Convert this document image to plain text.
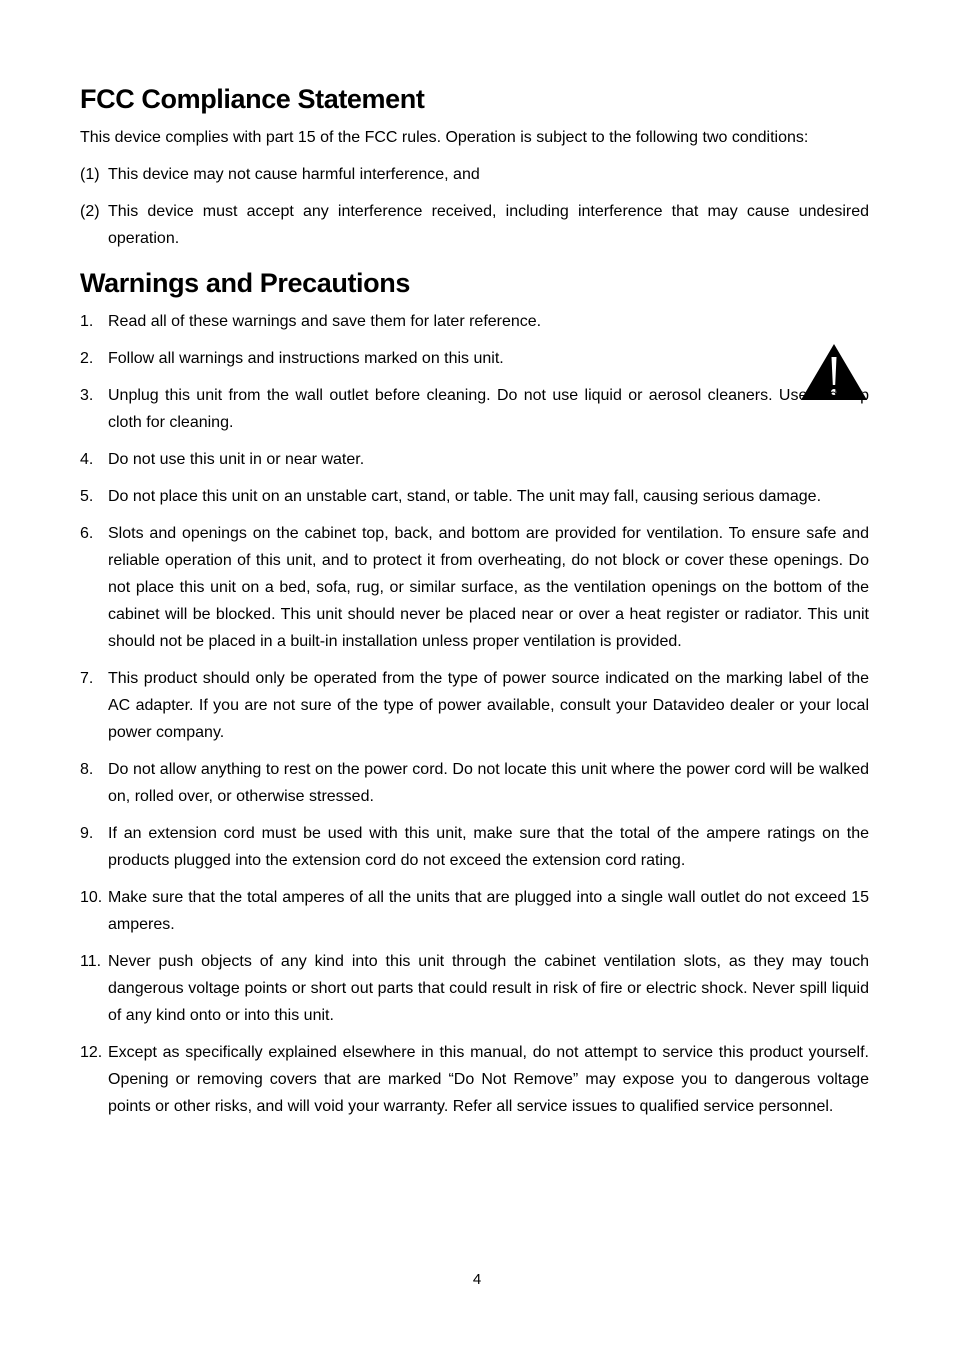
FCC Compliance Statement

This device complies with part 15 of the FCC rules. Operation is subject to the following two conditions:

(1) This device may not cause harmful interference, and
(2) This device must accept any interference received, including interference that may cause undesired operation.
Warnings and Precautions
1. Read all of these warnings and save them for later reference.
2. Follow all warnings and instructions marked on this unit.
3. Unplug this unit from the wall outlet before cleaning. Do not use liquid or aerosol cleaners. Use a damp cloth for cleaning.
4. Do not use this unit in or near water.
5. Do not place this unit on an unstable cart, stand, or table. The unit may fall, causing serious damage.
6. Slots and openings on the cabinet top, back, and bottom are provided for ventilation. To ensure safe and reliable operation of this unit, and to protect it from overheating, do not block or cover these openings. Do not place this unit on a bed, sofa, rug, or similar surface, as the ventilation openings on the bottom of the cabinet will be blocked. This unit should never be placed near or over a heat register or radiator. This unit should not be placed in a built-in installation unless proper ventilation is provided.
7. This product should only be operated from the type of power source indicated on the marking label of the AC adapter. If you are not sure of the type of power available, consult your Datavideo dealer or your local power company.
8. Do not allow anything to rest on the power cord. Do not locate this unit where the power cord will be walked on, rolled over, or otherwise stressed.
9. If an extension cord must be used with this unit, make sure that the total of the ampere ratings on the products plugged into the extension cord do not exceed the extension cord rating.
10. Make sure that the total amperes of all the units that are plugged into a single wall outlet do not exceed 15 amperes.
11. Never push objects of any kind into this unit through the cabinet ventilation slots, as they may touch dangerous voltage points or short out parts that could result in risk of fire or electric shock. Never spill liquid of any kind onto or into this unit.
12. Except as specifically explained elsewhere in this manual, do not attempt to service this product yourself. Opening or removing covers that are marked “Do Not Remove” may expose you to dangerous voltage points or other risks, and will void your warranty. Refer all service issues to qualified service personnel.
4
